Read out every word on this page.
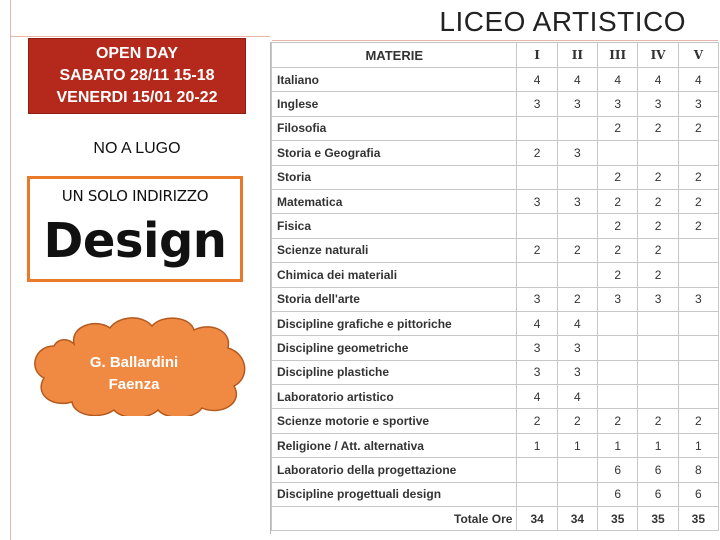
LICEO ARTISTICO
OPEN DAY
SABATO 28/11 15-18
VENERDI 15/01 20-22
NO A LUGO
UN SOLO INDIRIZZO
Design
G. Ballardini
Faenza
MATERIE	I	II	III	IV	V
Italiano	4	4	4	4	4
Inglese	3	3	3	3	3
Filosofia			2	2	2
Storia e Geografia	2	3			
Storia			2	2	2
Matematica	3	3	2	2	2
Fisica			2	2	2
Scienze naturali	2	2	2	2	
Chimica dei materiali			2	2	
Storia dell'arte	3	2	3	3	3
Discipline grafiche e pittoriche	4	4			
Discipline geometriche	3	3			
Discipline plastiche	3	3			
Laboratorio artistico	4	4			
Scienze motorie e sportive	2	2	2	2	2
Religione / Att. alternativa	1	1	1	1	1
Laboratorio della progettazione			6	6	8
Discipline progettuali design			6	6	6
Totale Ore	34	34	35	35	35
